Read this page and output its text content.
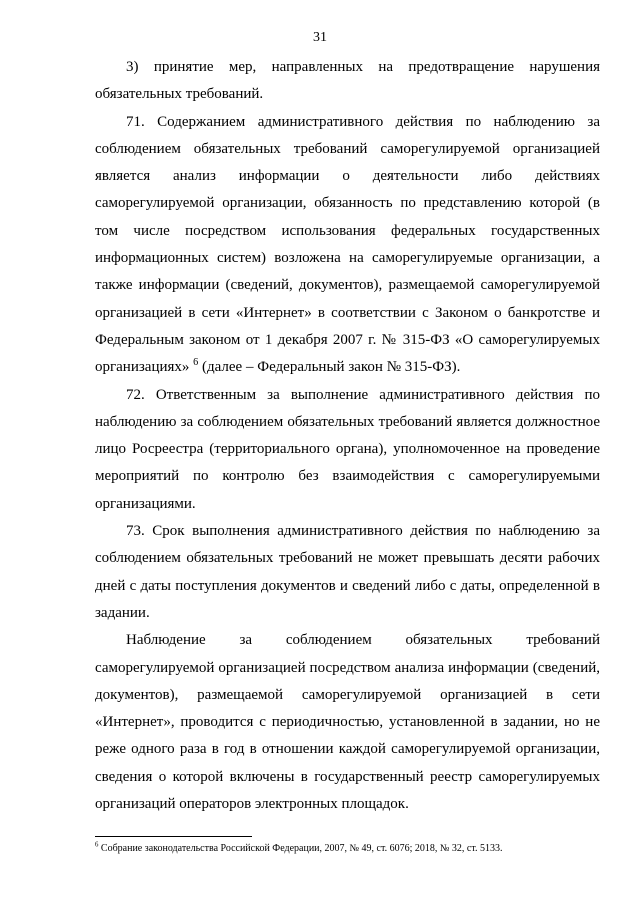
31

3) принятие мер, направленных на предотвращение нарушения обязательных требований.

71. Содержанием административного действия по наблюдению за соблюдением обязательных требований саморегулируемой организацией является анализ информации о деятельности либо действиях саморегулируемой организации, обязанность по представлению которой (в том числе посредством использования федеральных государственных информационных систем) возложена на саморегулируемые организации, а также информации (сведений, документов), размещаемой саморегулируемой организацией в сети «Интернет» в соответствии с Законом о банкротстве и Федеральным законом от 1 декабря 2007 г. № 315-ФЗ «О саморегулируемых организациях» $^6$ (далее – Федеральный закон № 315-ФЗ).

72. Ответственным за выполнение административного действия по наблюдению за соблюдением обязательных требований является должностное лицо Росреестра (территориального органа), уполномоченное на проведение мероприятий по контролю без взаимодействия с саморегулируемыми организациями.

73. Срок выполнения административного действия по наблюдению за соблюдением обязательных требований не может превышать десяти рабочих дней с даты поступления документов и сведений либо с даты, определенной в задании.

Наблюдение за соблюдением обязательных требований саморегулируемой организацией посредством анализа информации (сведений, документов), размещаемой саморегулируемой организацией в сети «Интернет», проводится с периодичностью, установленной в задании, но не реже одного раза в год в отношении каждой саморегулируемой организации, сведения о которой включены в государственный реестр саморегулируемых организаций операторов электронных площадок.

$^6$ Собрание законодательства Российской Федерации, 2007, № 49, ст. 6076; 2018, № 32, ст. 5133.
